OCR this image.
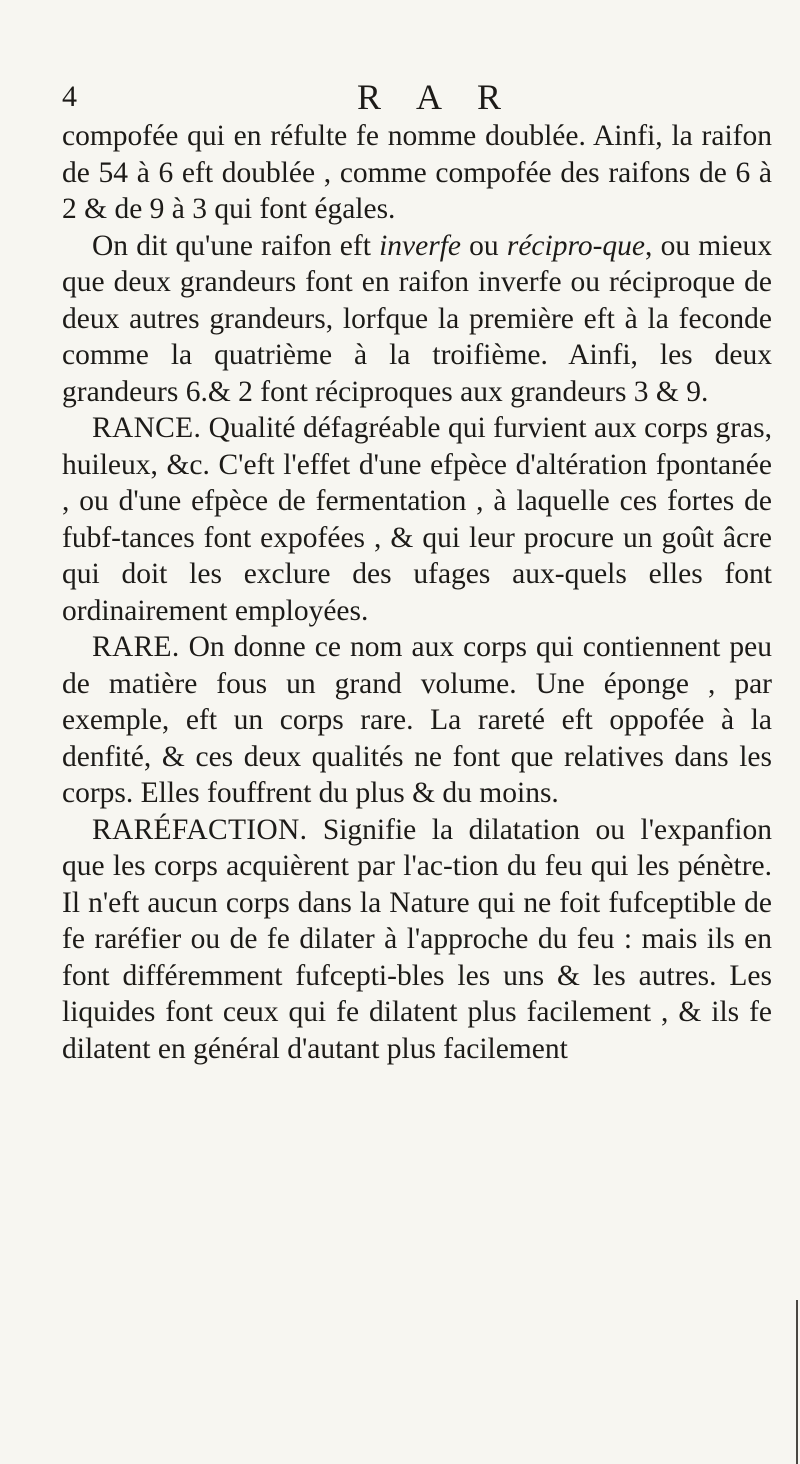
4	R A R

compofée qui en réfulte fe nomme doublée. Ainfi, la raifon de 54 à 6 eft doublée , comme compofée des raifons de 6 à 2 & de 9 à 3 qui font égales.

On dit qu'une raifon eft inverfe ou récipro-que, ou mieux que deux grandeurs font en raifon inverfe ou réciproque de deux autres grandeurs, lorfque la première eft à la feconde comme la quatrième à la troifième. Ainfi, les deux grandeurs 6.& 2 font réciproques aux grandeurs 3 & 9.

RANCE. Qualité défagréable qui furvient aux corps gras, huileux, &c. C'eft l'effet d'une efpèce d'altération fpontanée , ou d'une efpèce de fermentation , à laquelle ces fortes de fubf-tances font expofées , & qui leur procure un goût âcre qui doit les exclure des ufages aux-quels elles font ordinairement employées.

RARE. On donne ce nom aux corps qui contiennent peu de matière fous un grand volume. Une éponge , par exemple, eft un corps rare. La rareté eft oppofée à la denfité, & ces deux qualités ne font que relatives dans les corps. Elles fouffrent du plus & du moins.

RARÉFACTION. Signifie la dilatation ou l'expanfion que les corps acquièrent par l'ac-tion du feu qui les pénètre. Il n'eft aucun corps dans la Nature qui ne foit fufceptible de fe raréfier ou de fe dilater à l'approche du feu : mais ils en font différemment fufcepti-bles les uns & les autres. Les liquides font ceux qui fe dilatent plus facilement , & ils fe dilatent en général d'autant plus facilement
